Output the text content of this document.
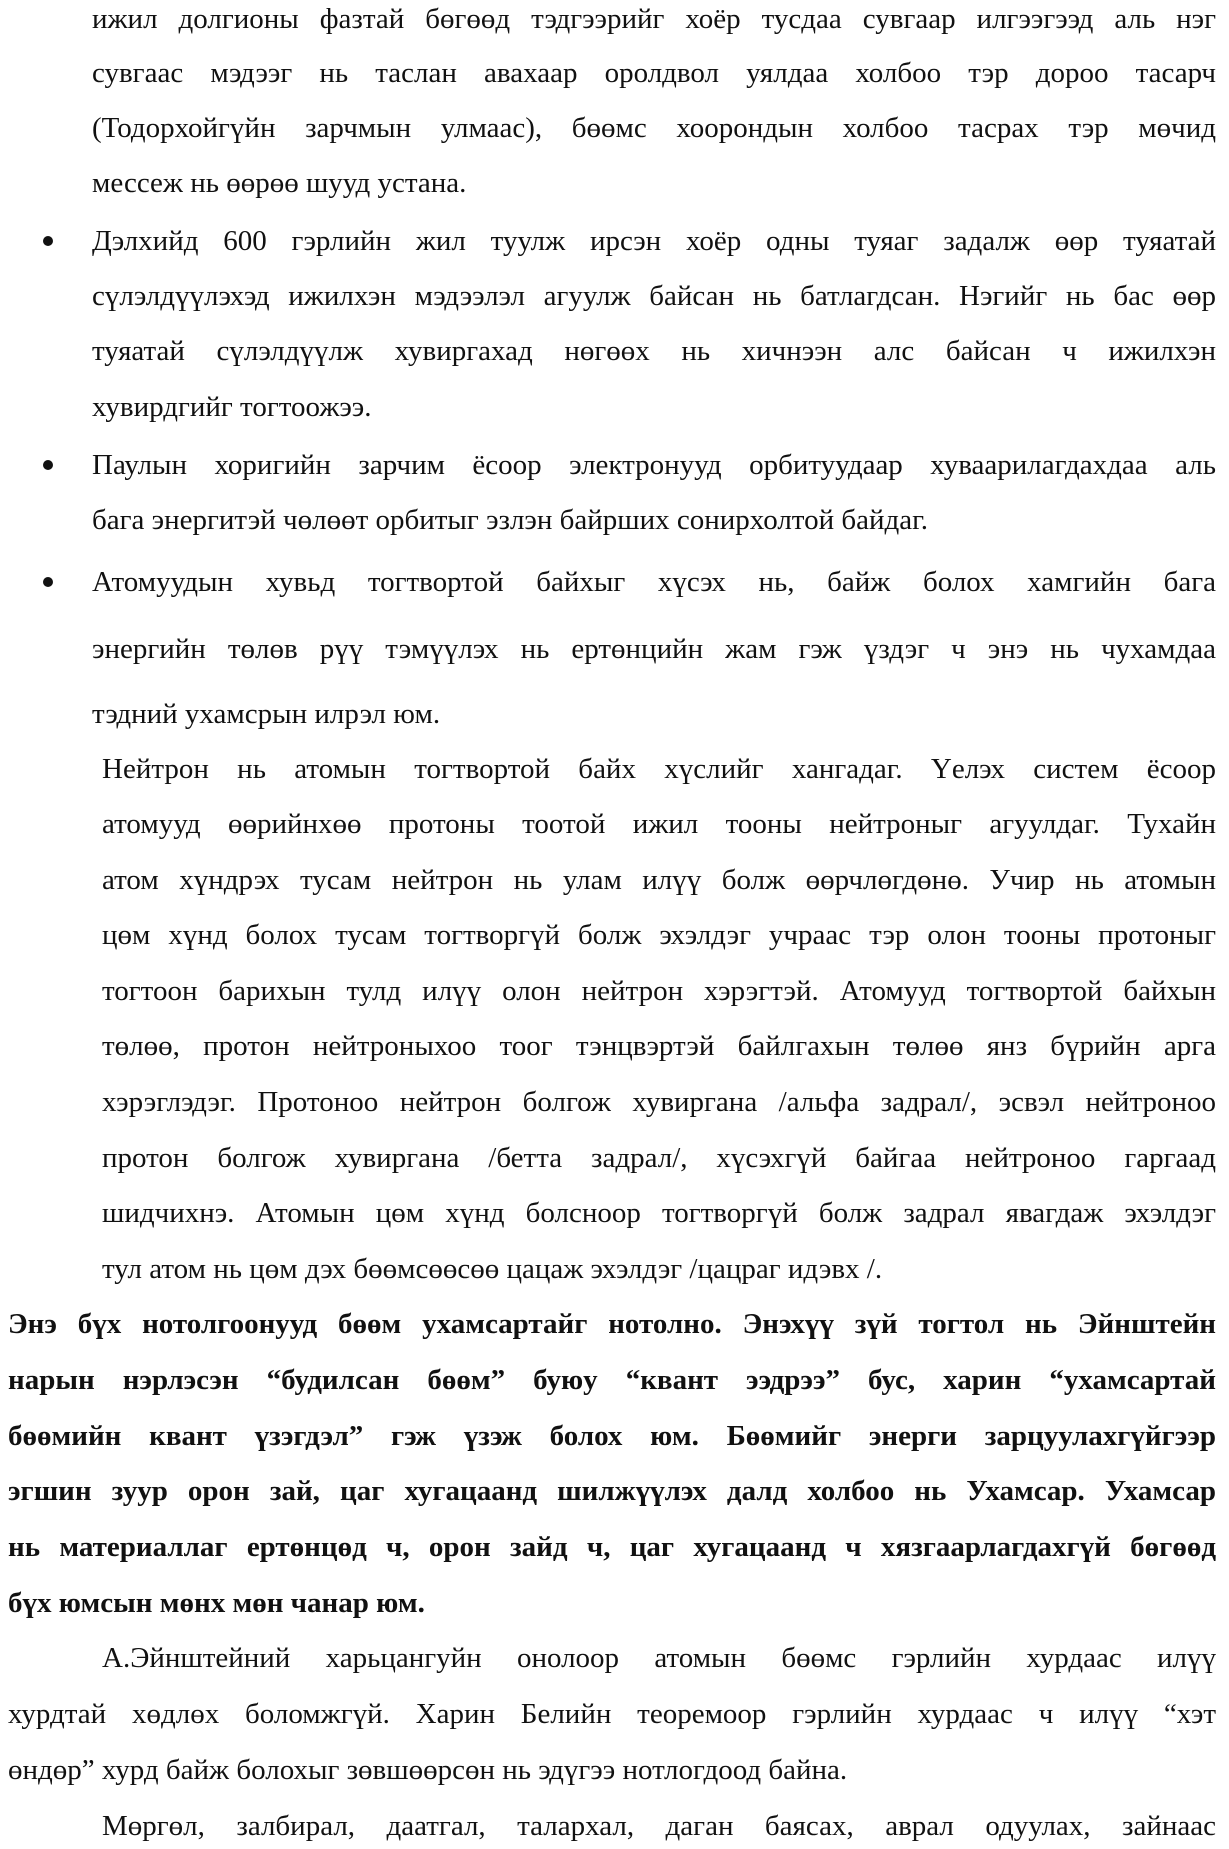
ижил долгионы фазтай бөгөөд тэдгээрийг хоёр тусдаа сувгаар илгээгээд аль нэг
сувгаас мэдээг нь таслан авахаар оролдвол уялдаа холбоо тэр дороо тасарч
(Тодорхойгүйн зарчмын улмаас), бөөмс хоорондын холбоо тасрах тэр мөчид
мессеж нь өөрөө шууд устана.
Дэлхийд 600 гэрлийн жил туулж ирсэн хоёр одны туяаг задалж өөр туяатай
сүлэлдүүлэхэд ижилхэн мэдээлэл агуулж байсан нь батлагдсан. Нэгийг нь бас өөр
туяатай сүлэлдүүлж хувиргахад нөгөөх нь хичнээн алс байсан ч ижилхэн
хувирдгийг тогтоожээ.
Паулын хоригийн зарчим ёсоор электронууд орбитуудаар хуваарилагдахдаа аль
бага энергитэй чөлөөт орбитыг эзлэн байрших сонирхолтой байдаг.
Атомуудын хувьд тогтвортой байхыг хүсэх нь, байж болох хамгийн бага
энергийн төлөв рүү тэмүүлэх нь ертөнцийн жам гэж үздэг ч энэ нь чухамдаа
тэдний ухамсрын илрэл юм.
Нейтрон нь атомын тогтвортой байх хүслийг хангадаг. Үелэх систем ёсоор
атомууд өөрийнхөө протоны тоотой ижил тооны нейтроныг агуулдаг. Тухайн
атом хүндрэх тусам нейтрон нь улам илүү болж өөрчлөгдөнө. Учир нь атомын
цөм хүнд болох тусам тогтворгүй болж эхэлдэг учраас тэр олон тооны протоныг
тогтоон барихын тулд илүү олон нейтрон хэрэгтэй. Атомууд тогтвортой байхын
төлөө, протон нейтроныхоо тоог тэнцвэртэй байлгахын төлөө янз бүрийн арга
хэрэглэдэг. Протоноо нейтрон болгож хувиргана /альфа задрал/, эсвэл нейтроноо
протон болгож хувиргана /бетта задрал/, хүсэхгүй байгаа нейтроноо гаргаад
шидчихнэ. Атомын цөм хүнд болсноор тогтворгүй болж задрал явагдаж эхэлдэг
тул атом нь цөм дэх бөөмсөөсөө цацаж эхэлдэг /цацраг идэвх /.
Энэ бүх нотолгоонууд бөөм ухамсартайг нотолно. Энэхүү зүй тогтол нь Эйнштейн
нарын нэрлэсэн “будилсан бөөм” буюу “квант ээдрээ” бус, харин “ухамсартай
бөөмийн квант үзэгдэл” гэж үзэж болох юм. Бөөмийг энерги зарцуулахгүйгээр
эгшин зуур орон зай, цаг хугацаанд шилжүүлэх далд холбоо нь Ухамсар. Ухамсар
нь материаллаг ертөнцөд ч, орон зайд ч, цаг хугацаанд ч хязгаарлагдахгүй бөгөөд
бүх юмсын мөнх мөн чанар юм.
А.Эйнштейний харьцангуйн онолоор атомын бөөмс гэрлийн хурдаас илүү
хурдтай хөдлөх боломжгүй. Харин Белийн теоремоор гэрлийн хурдаас ч илүү “хэт
өндөр” хурд байж болохыг зөвшөөрсөн нь эдүгээ нотлогдоод байна.
Мөргөл, залбирал, даатгал, талархал, даган баясах, аврал одуулах, зайнаас
